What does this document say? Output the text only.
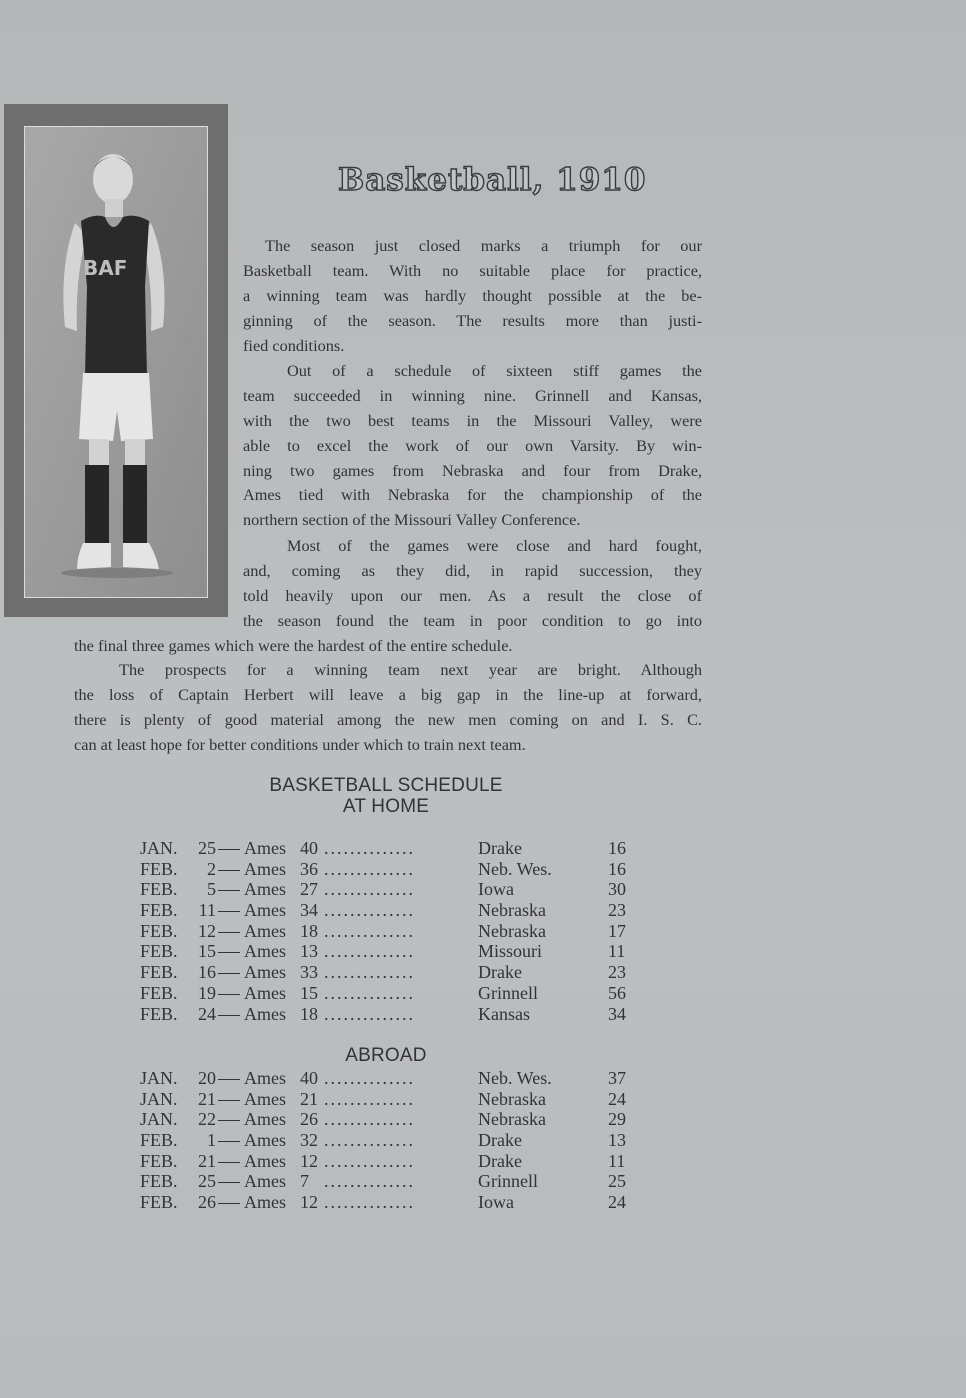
BAF
Basketball, 1910
The season just closed marks a triumph for our
Basketball team. With no suitable place for practice,
a winning team was hardly thought possible at the be-
ginning of the season. The results more than justi-
fied conditions.
Out of a schedule of sixteen stiff games the
team succeeded in winning nine. Grinnell and Kansas,
with the two best teams in the Missouri Valley, were
able to excel the work of our own Varsity. By win-
ning two games from Nebraska and four from Drake,
Ames tied with Nebraska for the championship of the
northern section of the Missouri Valley Conference.
Most of the games were close and hard fought,
and, coming as they did, in rapid succession, they
told heavily upon our men. As a result the close of
the season found the team in poor condition to go into
the final three games which were the hardest of the entire schedule.
The prospects for a winning team next year are bright. Although
the loss of Captain Herbert will leave a big gap in the line-up at forward,
there is plenty of good material among the new men coming on and I. S. C.
can at least hope for better conditions under which to train next team.
BASKETBALL SCHEDULE
AT HOME
JAN.	25 Ames 40 ..............	Drake	16
FEB.	2 Ames 36 ..............	Neb. Wes.	16
FEB.	5 Ames 27 ..............	Iowa	30
FEB.	11 Ames 34 ..............	Nebraska	23
FEB.	12 Ames 18 ..............	Nebraska	17
FEB.	15 Ames 13 ..............	Missouri	11
FEB.	16 Ames 33 ..............	Drake	23
FEB.	19 Ames 15 ..............	Grinnell	56
FEB.	24 Ames 18 ..............	Kansas	34
ABROAD
JAN.	20 Ames 40 ..............	Neb. Wes.	37
JAN.	21 Ames 21 ..............	Nebraska	24
JAN.	22 Ames 26 ..............	Nebraska	29
FEB.	1 Ames 32 ..............	Drake	13
FEB.	21 Ames 12 ..............	Drake	11
FEB.	25 Ames 7 ..............	Grinnell	25
FEB.	26 Ames 12 ..............	Iowa	24
